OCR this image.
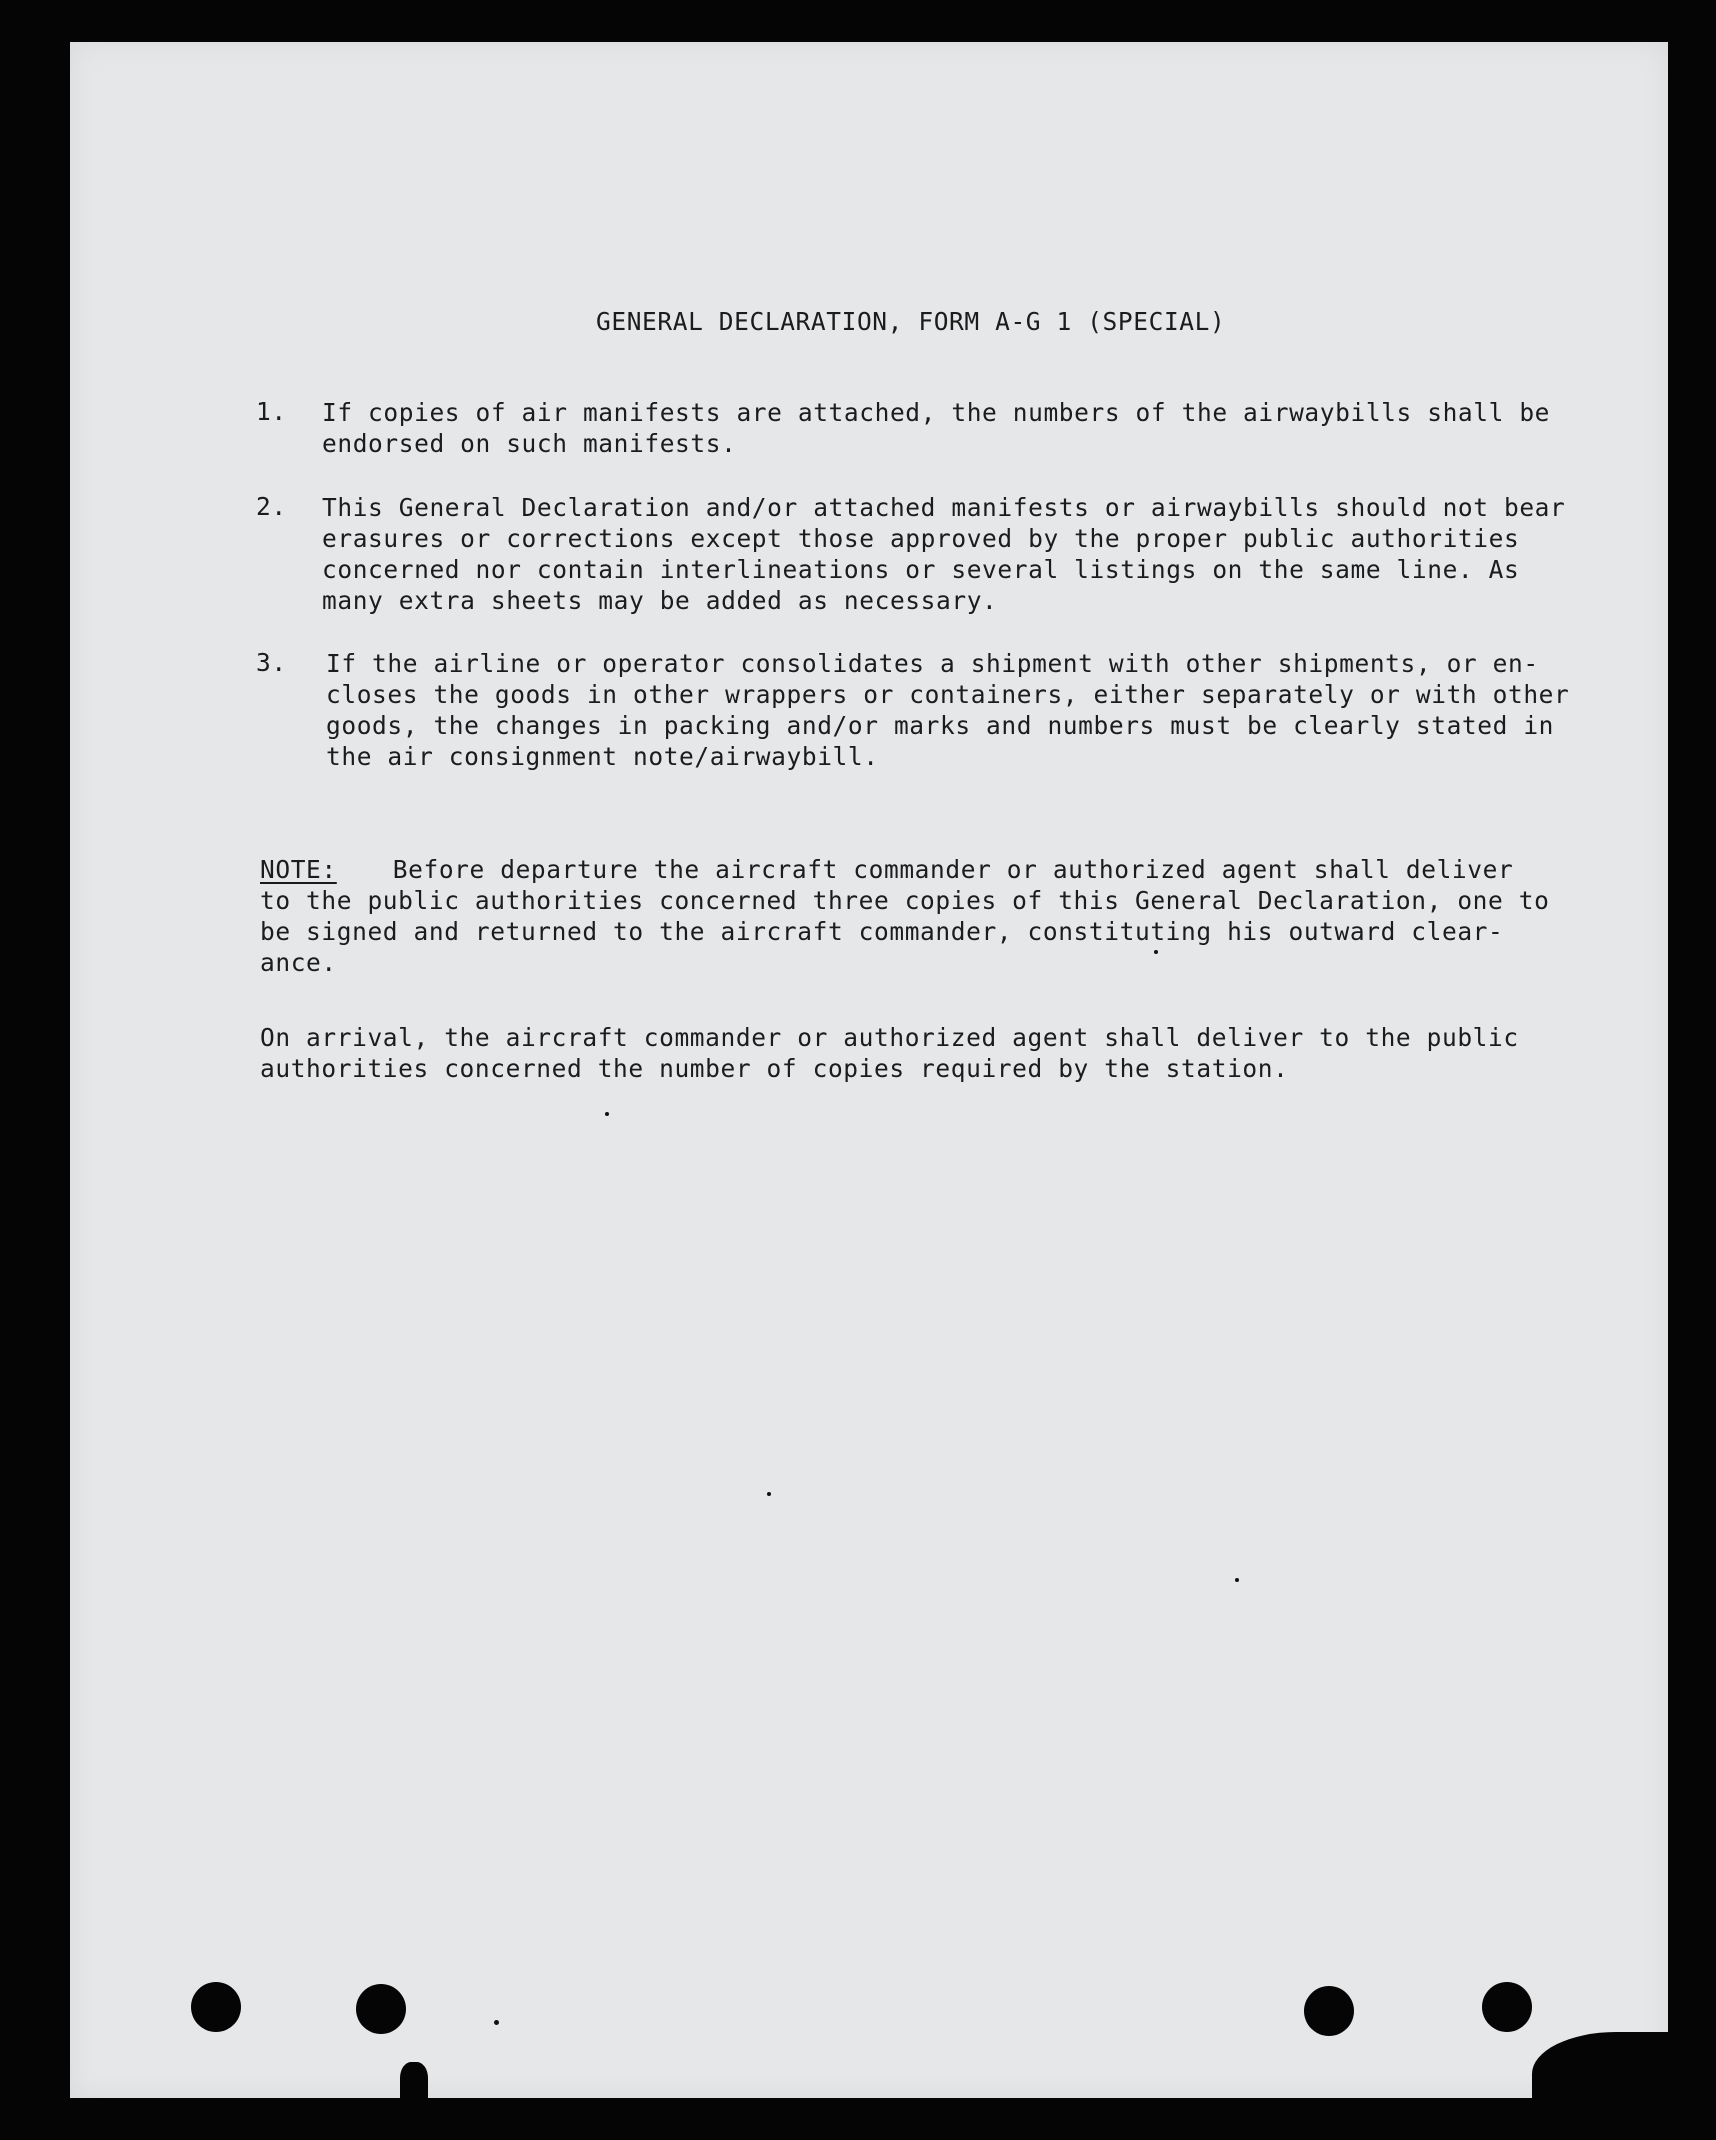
GENERAL DECLARATION, FORM A-G 1 (SPECIAL)
1. If copies of air manifests are attached, the numbers of the airwaybills shall be
endorsed on such manifests.
2. This General Declaration and/or attached manifests or airwaybills should not bear
erasures or corrections except those approved by the proper public authorities
concerned nor contain interlineations or several listings on the same line. As
many extra sheets may be added as necessary.
3. If the airline or operator consolidates a shipment with other shipments, or en-
closes the goods in other wrappers or containers, either separately or with other
goods, the changes in packing and/or marks and numbers must be clearly stated in
the air consignment note/airwaybill.
NOTE: Before departure the aircraft commander or authorized agent shall deliver
to the public authorities concerned three copies of this General Declaration, one to
be signed and returned to the aircraft commander, constituting his outward clear-
ance.
On arrival, the aircraft commander or authorized agent shall deliver to the public
authorities concerned the number of copies required by the station.
